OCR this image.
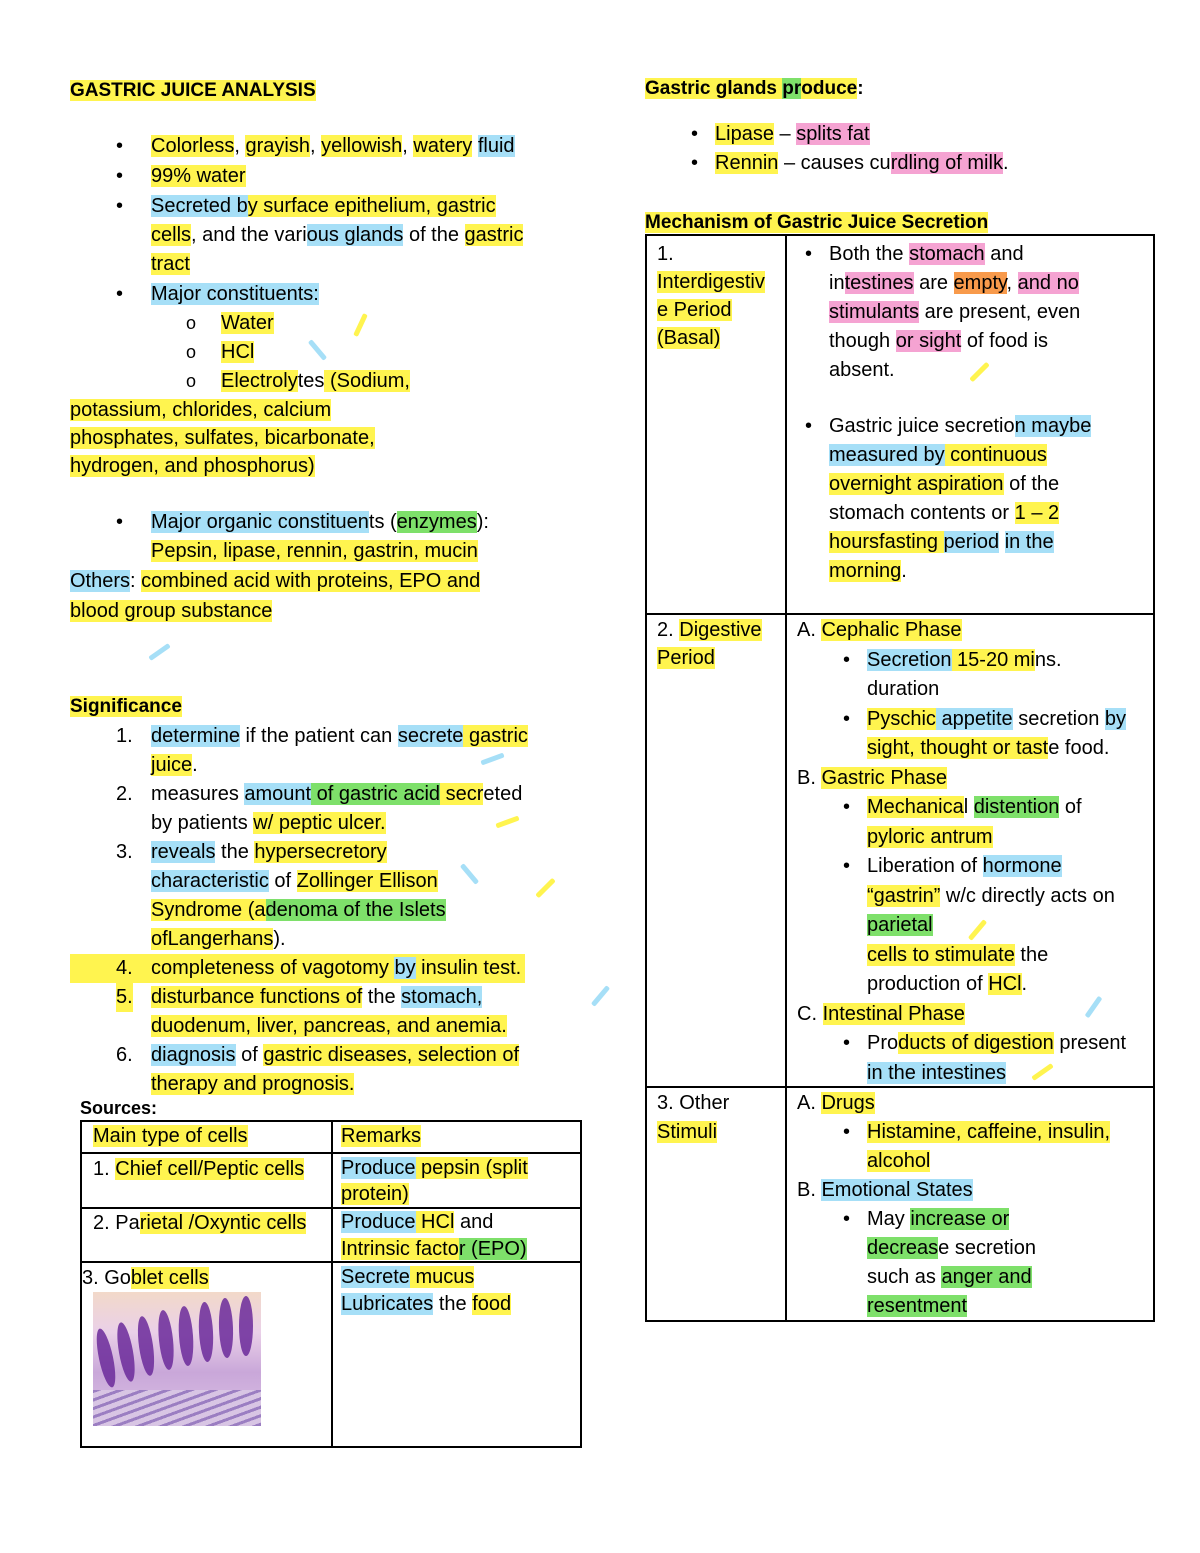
GASTRIC JUICE ANALYSIS
• Colorless, grayish, yellowish, watery fluid
• 99% water
• Secreted by surface epithelium, gastric
cells, and the various glands of the gastric
tract
• Major constituents:
o Water
o HCl
o Electrolytes (Sodium,
potassium, chlorides, calcium
phosphates, sulfates, bicarbonate,
hydrogen, and phosphorus)
• Major organic constituents (enzymes):
Pepsin, lipase, rennin, gastrin, mucin
Others: combined acid with proteins, EPO and
blood group substance
Significance
1. determine if the patient can secrete gastric
juice.
2. measures amount of gastric acid secreted
by patients w/ peptic ulcer.
3. reveals the hypersecretory
characteristic of Zollinger Ellison
Syndrome (adenoma of the Islets
ofLangerhans).
4. completeness of vagotomy by insulin test.
5. disturbance functions of the stomach,
duodenum, liver, pancreas, and anemia.
6. diagnosis of gastric diseases, selection of
therapy and prognosis.
Sources:
Main type of cells	Remarks
1. Chief cell/Peptic cells Produce pepsin (split
protein)
2. Parietal /Oxyntic cells Produce HCl and
Intrinsic factor (EPO)
3. Goblet cells	Secrete mucus
Lubricates the food
Gastric glands produce:
• Lipase – splits fat
• Rennin – causes curdling of milk.
Mechanism of Gastric Juice Secretion
1.
Interdigestiv
e Period
(Basal)
• Both the stomach and
intestines are empty, and no
stimulants are present, even
though or sight of food is
absent.
• Gastric juice secretion maybe
measured by continuous
overnight aspiration of the
stomach contents or 1 – 2
hoursfasting period in the
morning.
2. Digestive
Period
A. Cephalic Phase
• Secretion 15-20 mins.
duration
• Pyschic appetite secretion by
sight, thought or taste food.
B. Gastric Phase
• Mechanical distention of
pyloric antrum
• Liberation of hormone
“gastrin” w/c directly acts on
parietal
cells to stimulate the
production of HCl.
C. Intestinal Phase
• Products of digestion present
in the intestines
3. Other
Stimuli
A. Drugs
• Histamine, caffeine, insulin,
alcohol
B. Emotional States
• May increase or
decrease secretion
such as anger and
resentment
